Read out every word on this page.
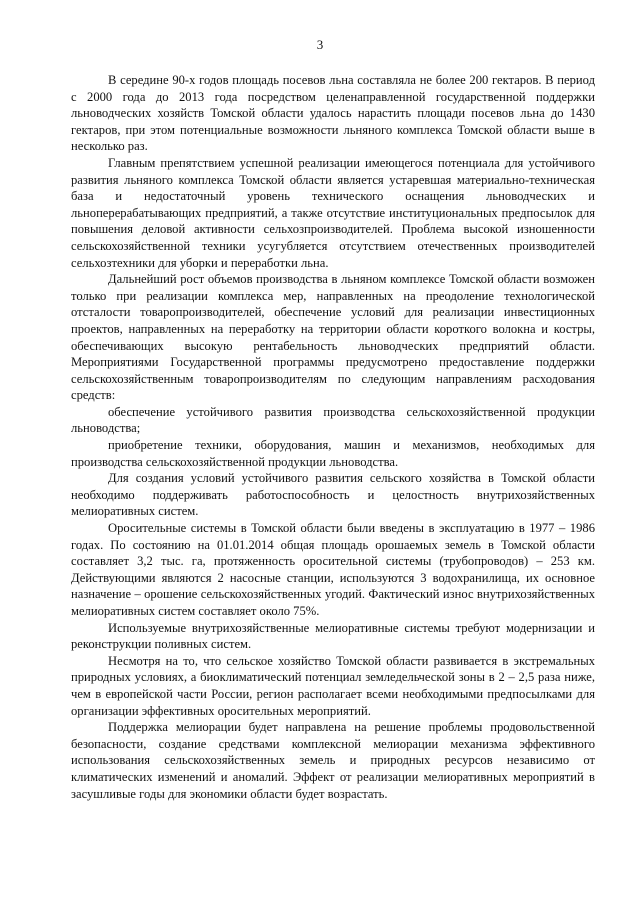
3

В середине 90-х годов площадь посевов льна составляла не более 200 гектаров. В период с 2000 года до 2013 года посредством целенаправленной государственной поддержки льноводческих хозяйств Томской области удалось нарастить площади посевов льна до 1430 гектаров, при этом потенциальные возможности льняного комплекса Томской области выше в несколько раз.

Главным препятствием успешной реализации имеющегося потенциала для устойчивого развития льняного комплекса Томской области является устаревшая материально-техническая база и недостаточный уровень технического оснащения льноводческих и льноперерабатывающих предприятий, а также отсутствие институциональных предпосылок для повышения деловой активности сельхозпроизводителей. Проблема высокой изношенности сельскохозяйственной техники усугубляется отсутствием отечественных производителей сельхозтехники для уборки и переработки льна.

Дальнейший рост объемов производства в льняном комплексе Томской области возможен только при реализации комплекса мер, направленных на преодоление технологической отсталости товаропроизводителей, обеспечение условий для реализации инвестиционных проектов, направленных на переработку на территории области короткого волокна и костры, обеспечивающих высокую рентабельность льноводческих предприятий области. Мероприятиями Государственной программы предусмотрено предоставление поддержки сельскохозяйственным товаропроизводителям по следующим направлениям расходования средств:

обеспечение устойчивого развития производства сельскохозяйственной продукции льноводства;

приобретение техники, оборудования, машин и механизмов, необходимых для производства сельскохозяйственной продукции льноводства.

Для создания условий устойчивого развития сельского хозяйства в Томской области необходимо поддерживать работоспособность и целостность внутрихозяйственных мелиоративных систем.

Оросительные системы в Томской области были введены в эксплуатацию в 1977 – 1986 годах. По состоянию на 01.01.2014 общая площадь орошаемых земель в Томской области составляет 3,2 тыс. га, протяженность оросительной системы (трубопроводов) – 253 км. Действующими являются 2 насосные станции, используются 3 водохранилища, их основное назначение – орошение сельскохозяйственных угодий. Фактический износ внутрихозяйственных мелиоративных систем составляет около 75%.

Используемые внутрихозяйственные мелиоративные системы требуют модернизации и реконструкции поливных систем.

Несмотря на то, что сельское хозяйство Томской области развивается в экстремальных природных условиях, а биоклиматический потенциал земледельческой зоны в 2 – 2,5 раза ниже, чем в европейской части России, регион располагает всеми необходимыми предпосылками для организации эффективных оросительных мероприятий.

Поддержка мелиорации будет направлена на решение проблемы продовольственной безопасности, создание средствами комплексной мелиорации механизма эффективного использования сельскохозяйственных земель и природных ресурсов независимо от климатических изменений и аномалий. Эффект от реализации мелиоративных мероприятий в засушливые годы для экономики области будет возрастать.
